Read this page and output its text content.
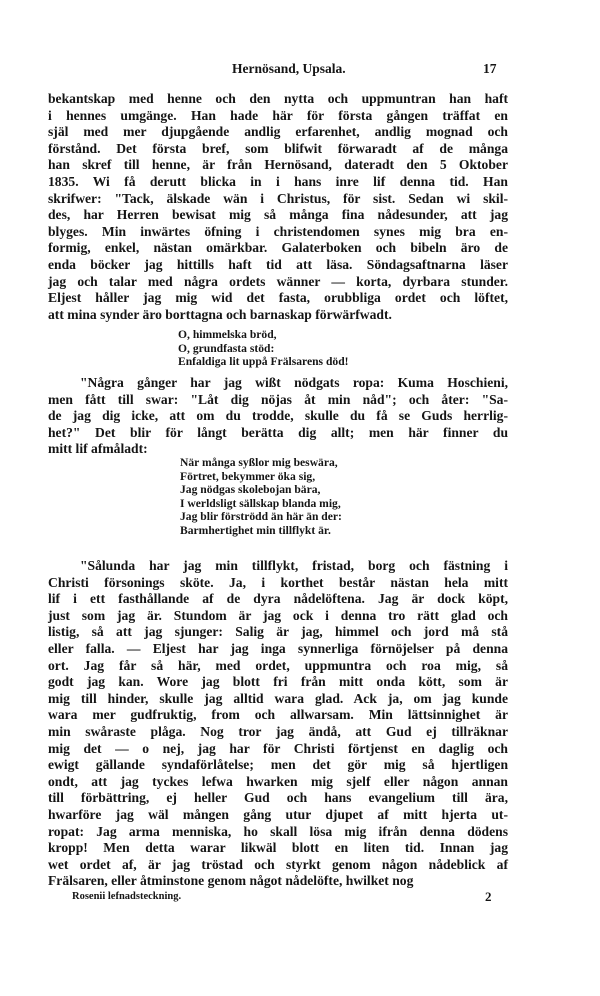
Hernösand, Upsala.	17
bekantskap med henne och den nytta och uppmuntran han haft
i hennes umgänge. Han hade här för första gången träffat en
själ med mer djupgående andlig erfarenhet, andlig mognad och
förstånd. Det första bref, som blifwit förwaradt af de många
han skref till henne, är från Hernösand, dateradt den 5 Oktober
1835. Wi få derutt blicka in i hans inre lif denna tid. Han
skrifwer: "Tack, älskade wän i Christus, för sist. Sedan wi skil-
des, har Herren bewisat mig så många fina nådesunder, att jag
blyges. Min inwärtes öfning i christendomen synes mig bra en-
formig, enkel, nästan omärkbar. Galaterboken och bibeln äro de
enda böcker jag hittills haft tid att läsa. Söndagsaftnarna läser
jag och talar med några ordets wänner — korta, dyrbara stunder.
Eljest håller jag mig wid det fasta, orubbliga ordet och löftet,
att mina synder äro borttagna och barnaskap förwärfwadt.
O, himmelska bröd,
O, grundfasta stöd:
Enfaldiga lit uppå Frälsarens död!
"Några gånger har jag wißt nödgats ropa: Kuma Hoschieni,
men fått till swar: "Låt dig nöjas åt min nåd"; och åter: "Sa-
de jag dig icke, att om du trodde, skulle du få se Guds herrlig-
het?" Det blir för långt berätta dig allt; men här finner du
mitt lif afmåladt:
När många syßlor mig beswära,
Förtret, bekymmer öka sig,
Jag nödgas skolebojan bära,
I werldsligt sällskap blanda mig,
Jag blir förströdd än här än der:
Barmhertighet min tillflykt är.
"Sålunda har jag min tillflykt, fristad, borg och fästning i
Christi försonings sköte. Ja, i korthet består nästan hela mitt
lif i ett fasthållande af de dyra nådelöftena. Jag är dock köpt,
just som jag är. Stundom är jag ock i denna tro rätt glad och
listig, så att jag sjunger: Salig är jag, himmel och jord må stå
eller falla. — Eljest har jag inga synnerliga förnöjelser på denna
ort. Jag får så här, med ordet, uppmuntra och roa mig, så
godt jag kan. Wore jag blott fri från mitt onda kött, som är
mig till hinder, skulle jag alltid wara glad. Ack ja, om jag kunde
wara mer gudfruktig, from och allwarsam. Min lättsinnighet är
min swåraste plåga. Nog tror jag ändå, att Gud ej tillräknar
mig det — o nej, jag har för Christi förtjenst en daglig och
ewigt gällande syndaförlåtelse; men det gör mig så hjertligen
ondt, att jag tyckes lefwa hwarken mig sjelf eller någon annan
till förbättring, ej heller Gud och hans evangelium till ära,
hwarföre jag wäl mången gång utur djupet af mitt hjerta ut-
ropat: Jag arma menniska, ho skall lösa mig ifrån denna dödens
kropp! Men detta warar likwäl blott en liten tid. Innan jag
wet ordet af, är jag tröstad och styrkt genom någon nådeblick af
Frälsaren, eller åtminstone genom något nådelöfte, hwilket nog
Rosenii lefnadsteckning.	2
